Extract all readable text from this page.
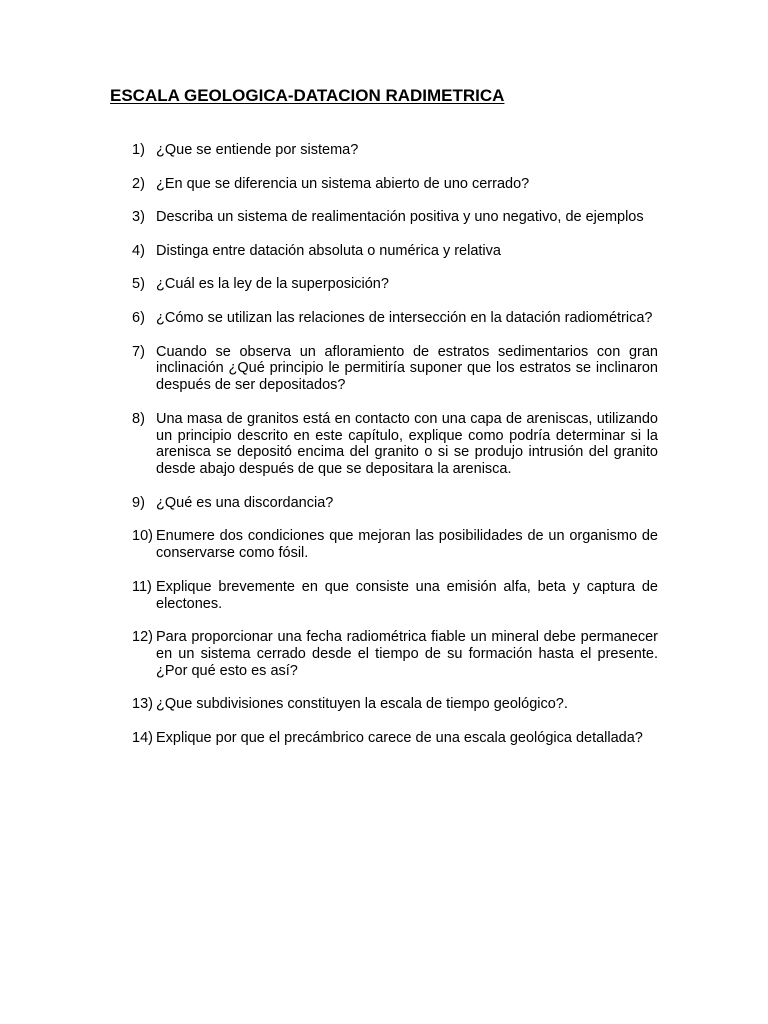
ESCALA GEOLOGICA-DATACION RADIMETRICA
1) ¿Que se entiende por sistema?
2) ¿En que se diferencia un sistema abierto de uno cerrado?
3) Describa un sistema de realimentación positiva y uno negativo, de ejemplos
4) Distinga entre datación absoluta o numérica y relativa
5) ¿Cuál es la ley de la superposición?
6) ¿Cómo se utilizan las relaciones de intersección en la datación radiométrica?
7) Cuando se observa un afloramiento de estratos sedimentarios con gran inclinación ¿Qué principio le permitiría suponer que los estratos se inclinaron después de ser depositados?
8) Una masa de granitos está en contacto con una capa de areniscas, utilizando un principio descrito en este capítulo, explique como podría determinar si la arenisca se depositó encima del granito o si se produjo intrusión del granito desde abajo después de que se depositara la arenisca.
9) ¿Qué es una discordancia?
10) Enumere dos condiciones que mejoran las posibilidades de un organismo de conservarse como fósil.
11) Explique brevemente en que consiste una emisión alfa, beta y captura de electones.
12) Para proporcionar una fecha radiométrica fiable un mineral debe permanecer en un sistema cerrado desde el tiempo de su formación hasta el presente. ¿Por qué esto es así?
13) ¿Que subdivisiones constituyen la escala de tiempo geológico?.
14) Explique por que el precámbrico carece de una escala geológica detallada?
